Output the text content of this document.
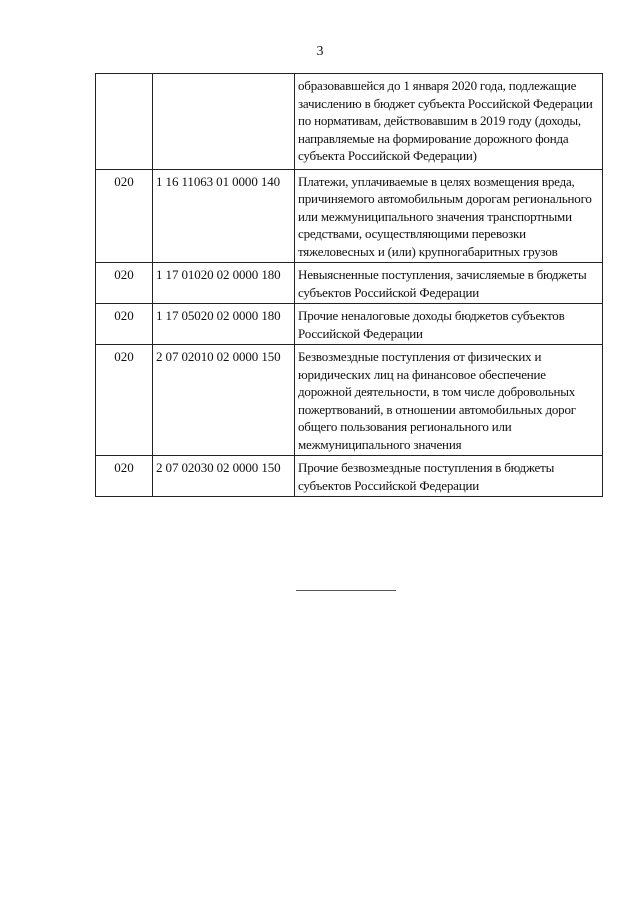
3
		образовавшейся до 1 января 2020 года, подлежащие зачислению в бюджет субъекта Российской Федерации по нормативам, действовавшим в 2019 году (доходы, направляемые на формирование дорожного фонда субъекта Российской Федерации)
020	1 16 11063 01 0000 140	Платежи, уплачиваемые в целях возмещения вреда, причиняемого автомобильным дорогам регионального или межмуниципального значения транспортными средствами, осуществляющими перевозки тяжеловесных и (или) крупногабаритных грузов
020	1 17 01020 02 0000 180	Невыясненные поступления, зачисляемые в бюджеты субъектов Российской Федерации
020	1 17 05020 02 0000 180	Прочие неналоговые доходы бюджетов субъектов Российской Федерации
020	2 07 02010 02 0000 150	Безвозмездные поступления от физических и юридических лиц на финансовое обеспечение дорожной деятельности, в том числе добровольных пожертвований, в отношении автомобильных дорог общего пользования регионального или межмуниципального значения
020	2 07 02030 02 0000 150	Прочие безвозмездные поступления в бюджеты субъектов Российской Федерации
